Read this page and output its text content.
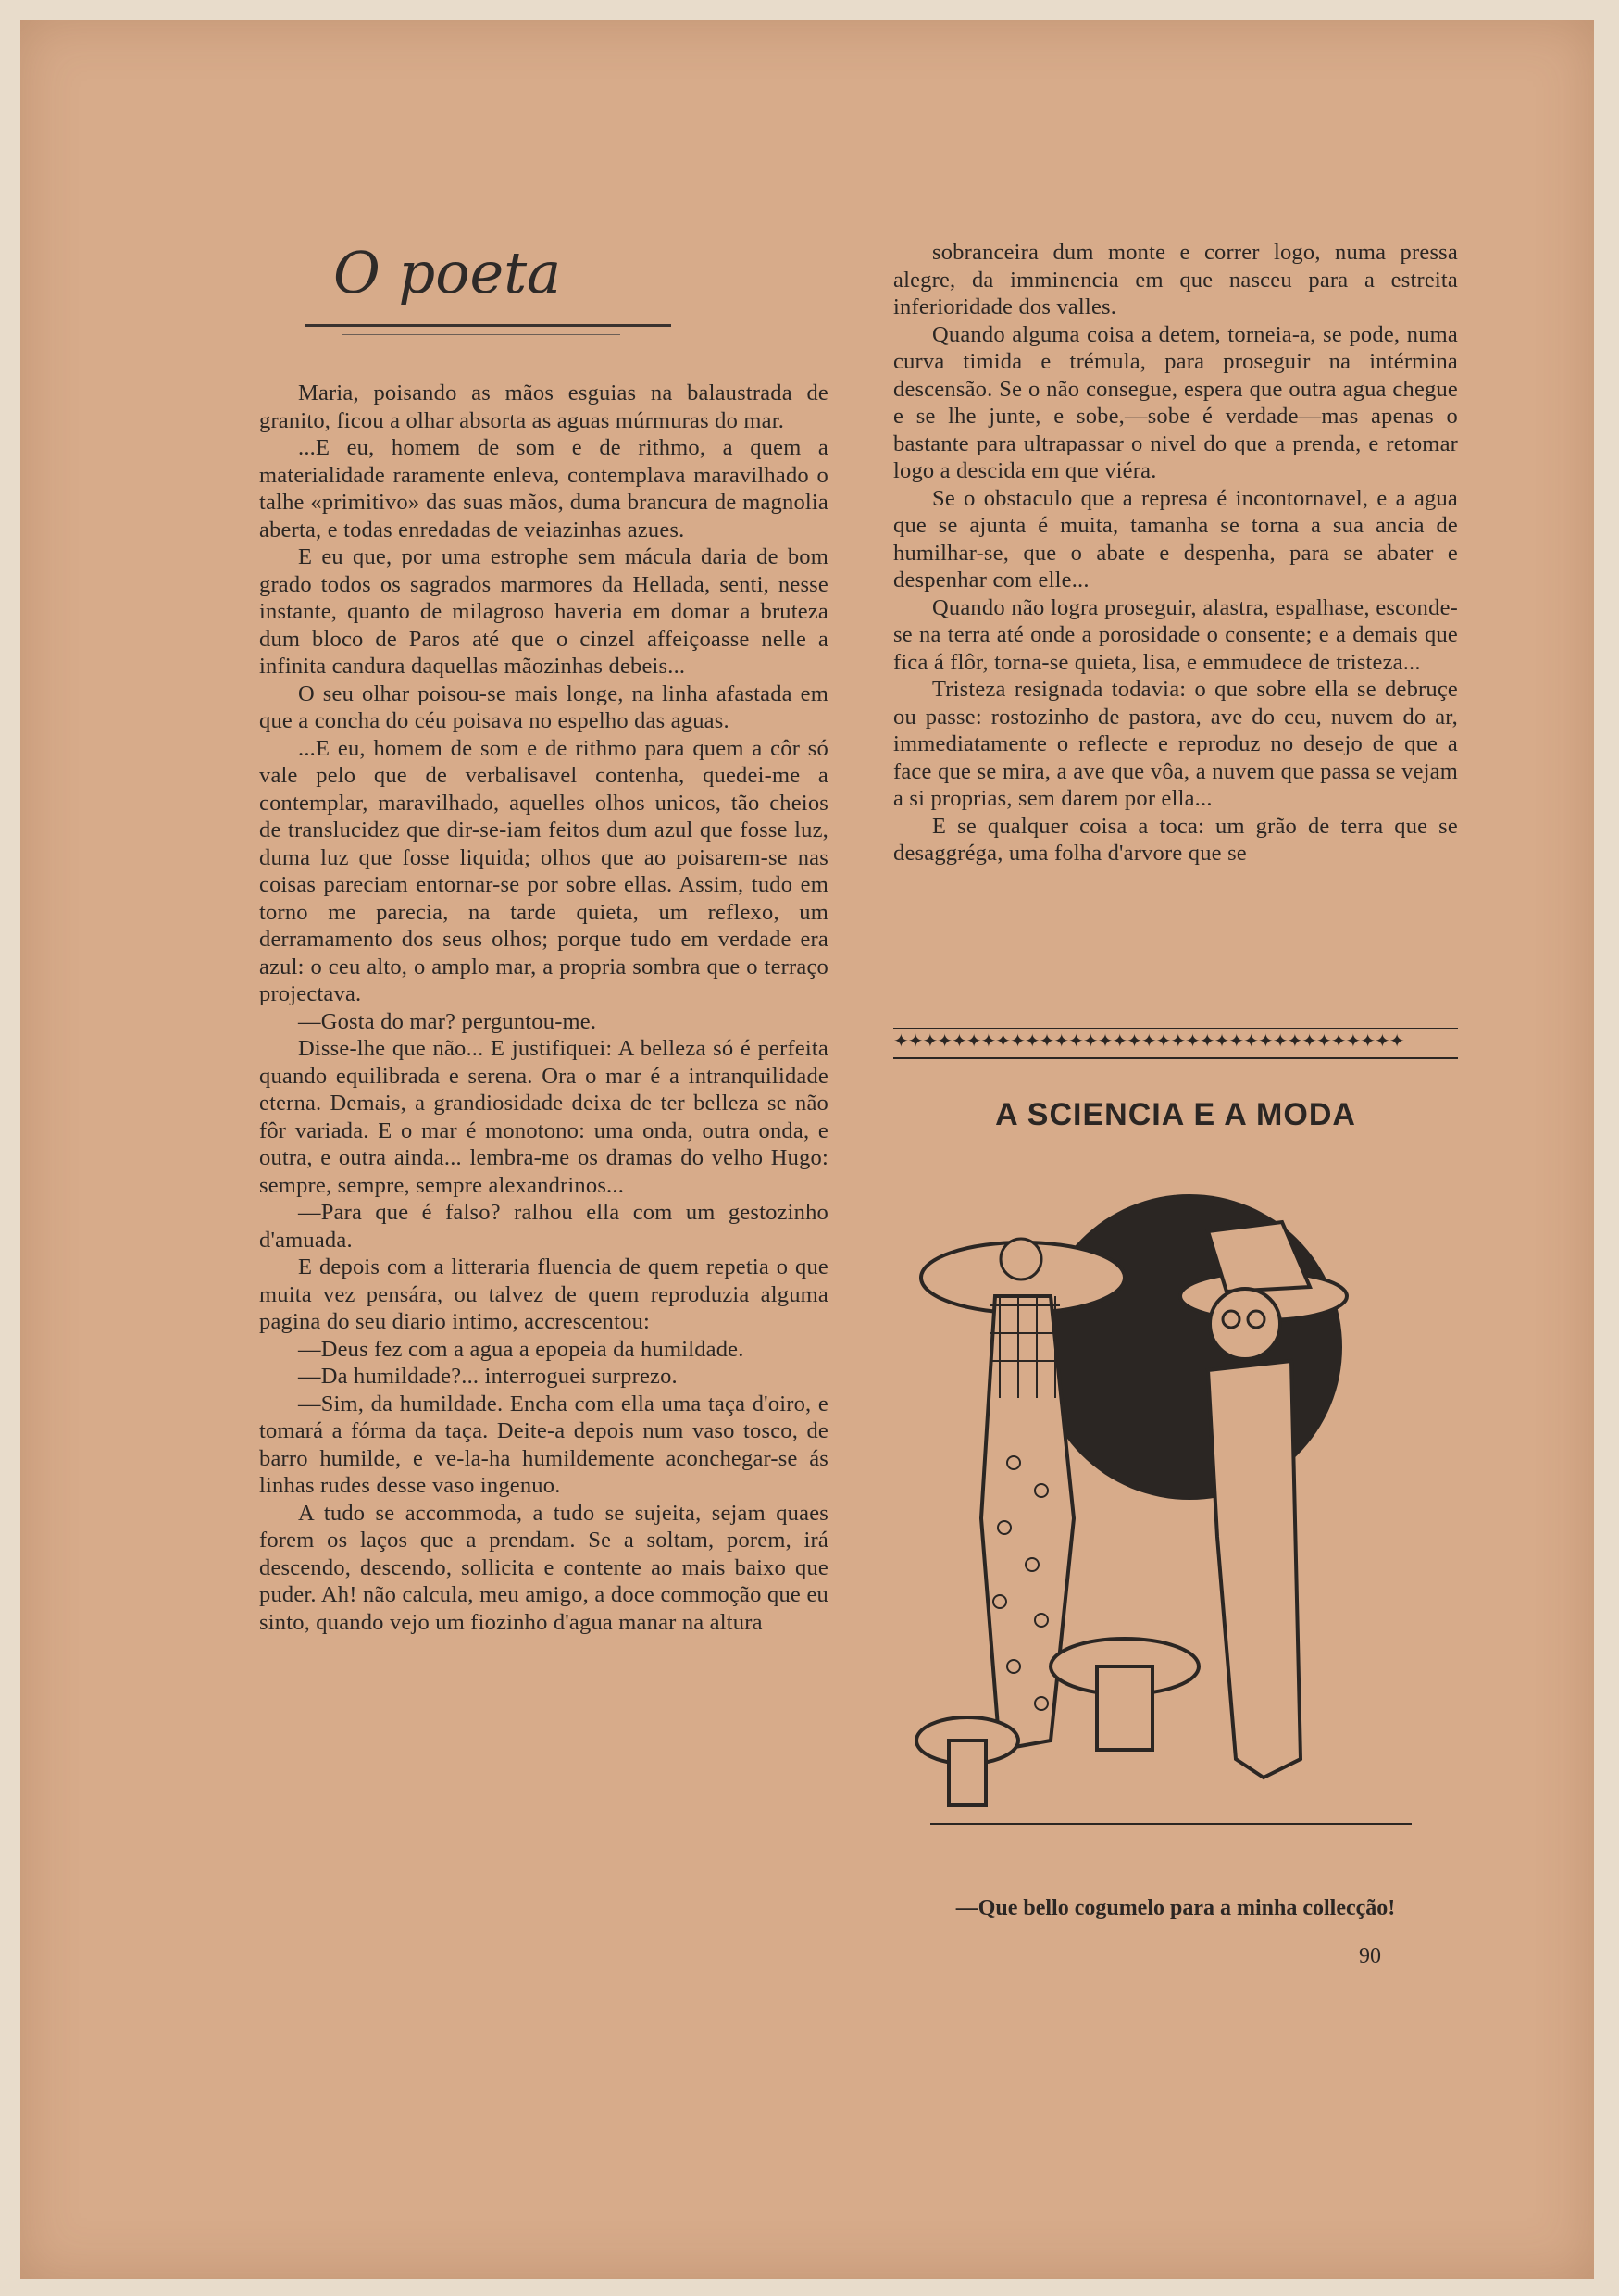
O poeta

Maria, poisando as mãos esguias na balaustrada de granito, ficou a olhar absorta as aguas múrmuras do mar.

...E eu, homem de som e de rithmo, a quem a materialidade raramente enleva, contemplava maravilhado o talhe «primitivo» das suas mãos, duma brancura de magnolia aberta, e todas enredadas de veiazinhas azues.

E eu que, por uma estrophe sem mácula daria de bom grado todos os sagrados marmores da Hellada, senti, nesse instante, quanto de milagroso haveria em domar a bruteza dum bloco de Paros até que o cinzel affeiçoasse nelle a infinita candura daquellas mãozinhas debeis...

O seu olhar poisou-se mais longe, na linha afastada em que a concha do céu poisava no espelho das aguas.

...E eu, homem de som e de rithmo para quem a côr só vale pelo que de verbalisavel contenha, quedei-me a contemplar, maravilhado, aquelles olhos unicos, tão cheios de translucidez que dir-se-iam feitos dum azul que fosse luz, duma luz que fosse liquida; olhos que ao poisarem-se nas coisas pareciam entornar-se por sobre ellas. Assim, tudo em torno me parecia, na tarde quieta, um reflexo, um derramamento dos seus olhos; porque tudo em verdade era azul: o ceu alto, o amplo mar, a propria sombra que o terraço projectava.

—Gosta do mar? perguntou-me.

Disse-lhe que não... E justifiquei: A belleza só é perfeita quando equilibrada e serena. Ora o mar é a intranquilidade eterna. Demais, a grandiosidade deixa de ter belleza se não fôr variada. E o mar é monotono: uma onda, outra onda, e outra, e outra ainda... lembra-me os dramas do velho Hugo: sempre, sempre, sempre alexandrinos...

—Para que é falso? ralhou ella com um gestozinho d'amuada.

E depois com a litteraria fluencia de quem repetia o que muita vez pensára, ou talvez de quem reproduzia alguma pagina do seu diario intimo, accrescentou:

—Deus fez com a agua a epopeia da humildade.

—Da humildade?... interroguei surprezo.

—Sim, da humildade. Encha com ella uma taça d'oiro, e tomará a fórma da taça. Deite-a depois num vaso tosco, de barro humilde, e ve-la-ha humildemente aconchegar-se ás linhas rudes desse vaso ingenuo.

A tudo se accommoda, a tudo se sujeita, sejam quaes forem os laços que a prendam. Se a soltam, porem, irá descendo, descendo, sollicita e contente ao mais baixo que puder. Ah! não calcula, meu amigo, a doce commoção que eu sinto, quando vejo um fiozinho d'agua manar na altura

sobranceira dum monte e correr logo, numa pressa alegre, da imminencia em que nasceu para a estreita inferioridade dos valles.

Quando alguma coisa a detem, torneia-a, se pode, numa curva timida e trémula, para proseguir na intérmina descensão. Se o não consegue, espera que outra agua chegue e se lhe junte, e sobe,—sobe é verdade—mas apenas o bastante para ultrapassar o nivel do que a prenda, e retomar logo a descida em que viéra.

Se o obstaculo que a represa é incontornavel, e a agua que se ajunta é muita, tamanha se torna a sua ancia de humilhar-se, que o abate e despenha, para se abater e despenhar com elle...

Quando não logra proseguir, alastra, espalhase, esconde-se na terra até onde a porosidade o consente; e a demais que fica á flôr, torna-se quieta, lisa, e emmudece de tristeza...

Tristeza resignada todavia: o que sobre ella se debruçe ou passe: rostozinho de pastora, ave do ceu, nuvem do ar, immediatamente o reflecte e reproduz no desejo de que a face que se mira, a ave que vôa, a nuvem que passa se vejam a si proprias, sem darem por ella...

E se qualquer coisa a toca: um grão de terra que se desaggréga, uma folha d'arvore que se

✦✦✦✦✦✦✦✦✦✦✦✦✦✦✦✦✦✦✦✦✦✦✦✦✦✦✦✦✦✦✦✦✦✦✦
A SCIENCIA E A MODA
—Que bello cogumelo para a minha collecção!
90
